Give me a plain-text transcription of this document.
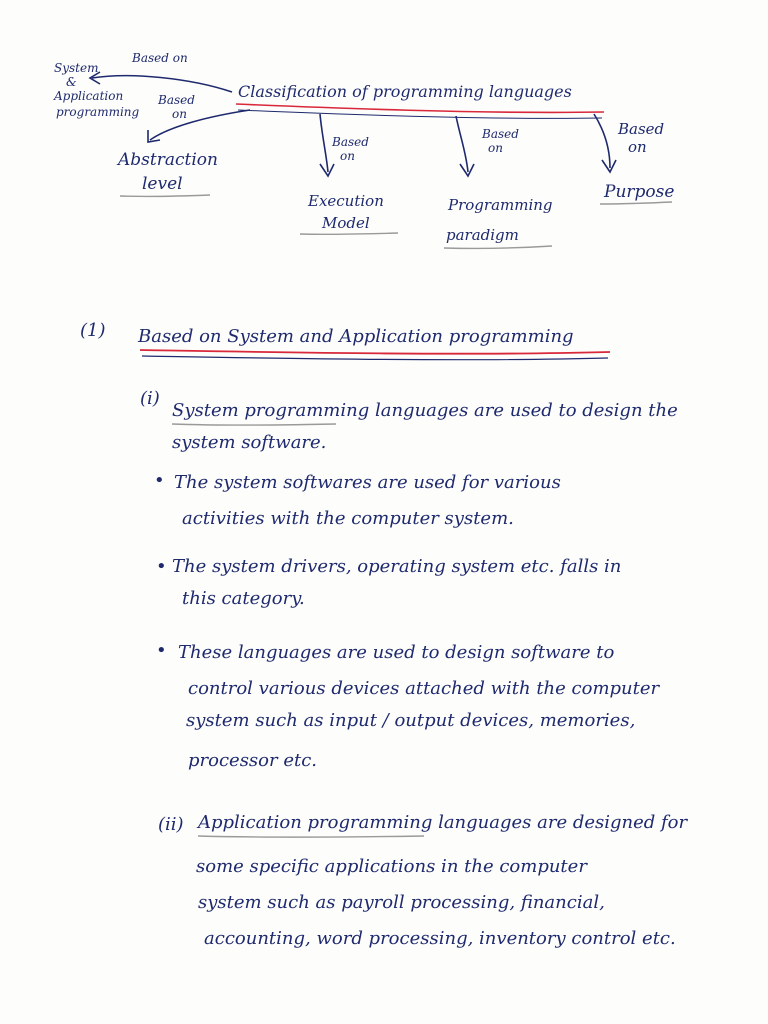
Based on
System
&
Application
programming
Based
on
Classification of programming languages
Based
on
Based
on
Based
on
Abstraction
level
Execution
Model
Programming
paradigm
Purpose
(1) Based on System and Application programming
(i)
System programming languages are used to design the
system software.
• The system softwares are used for various
activities with the computer system.
• The system drivers, operating system etc. falls in
this category.
• These languages are used to design software to
control various devices attached with the computer
system such as input / output devices, memories,
processor etc.
(ii) Application programming languages are designed for
some specific applications in the computer
system such as payroll processing, financial,
accounting, word processing, inventory control etc.
